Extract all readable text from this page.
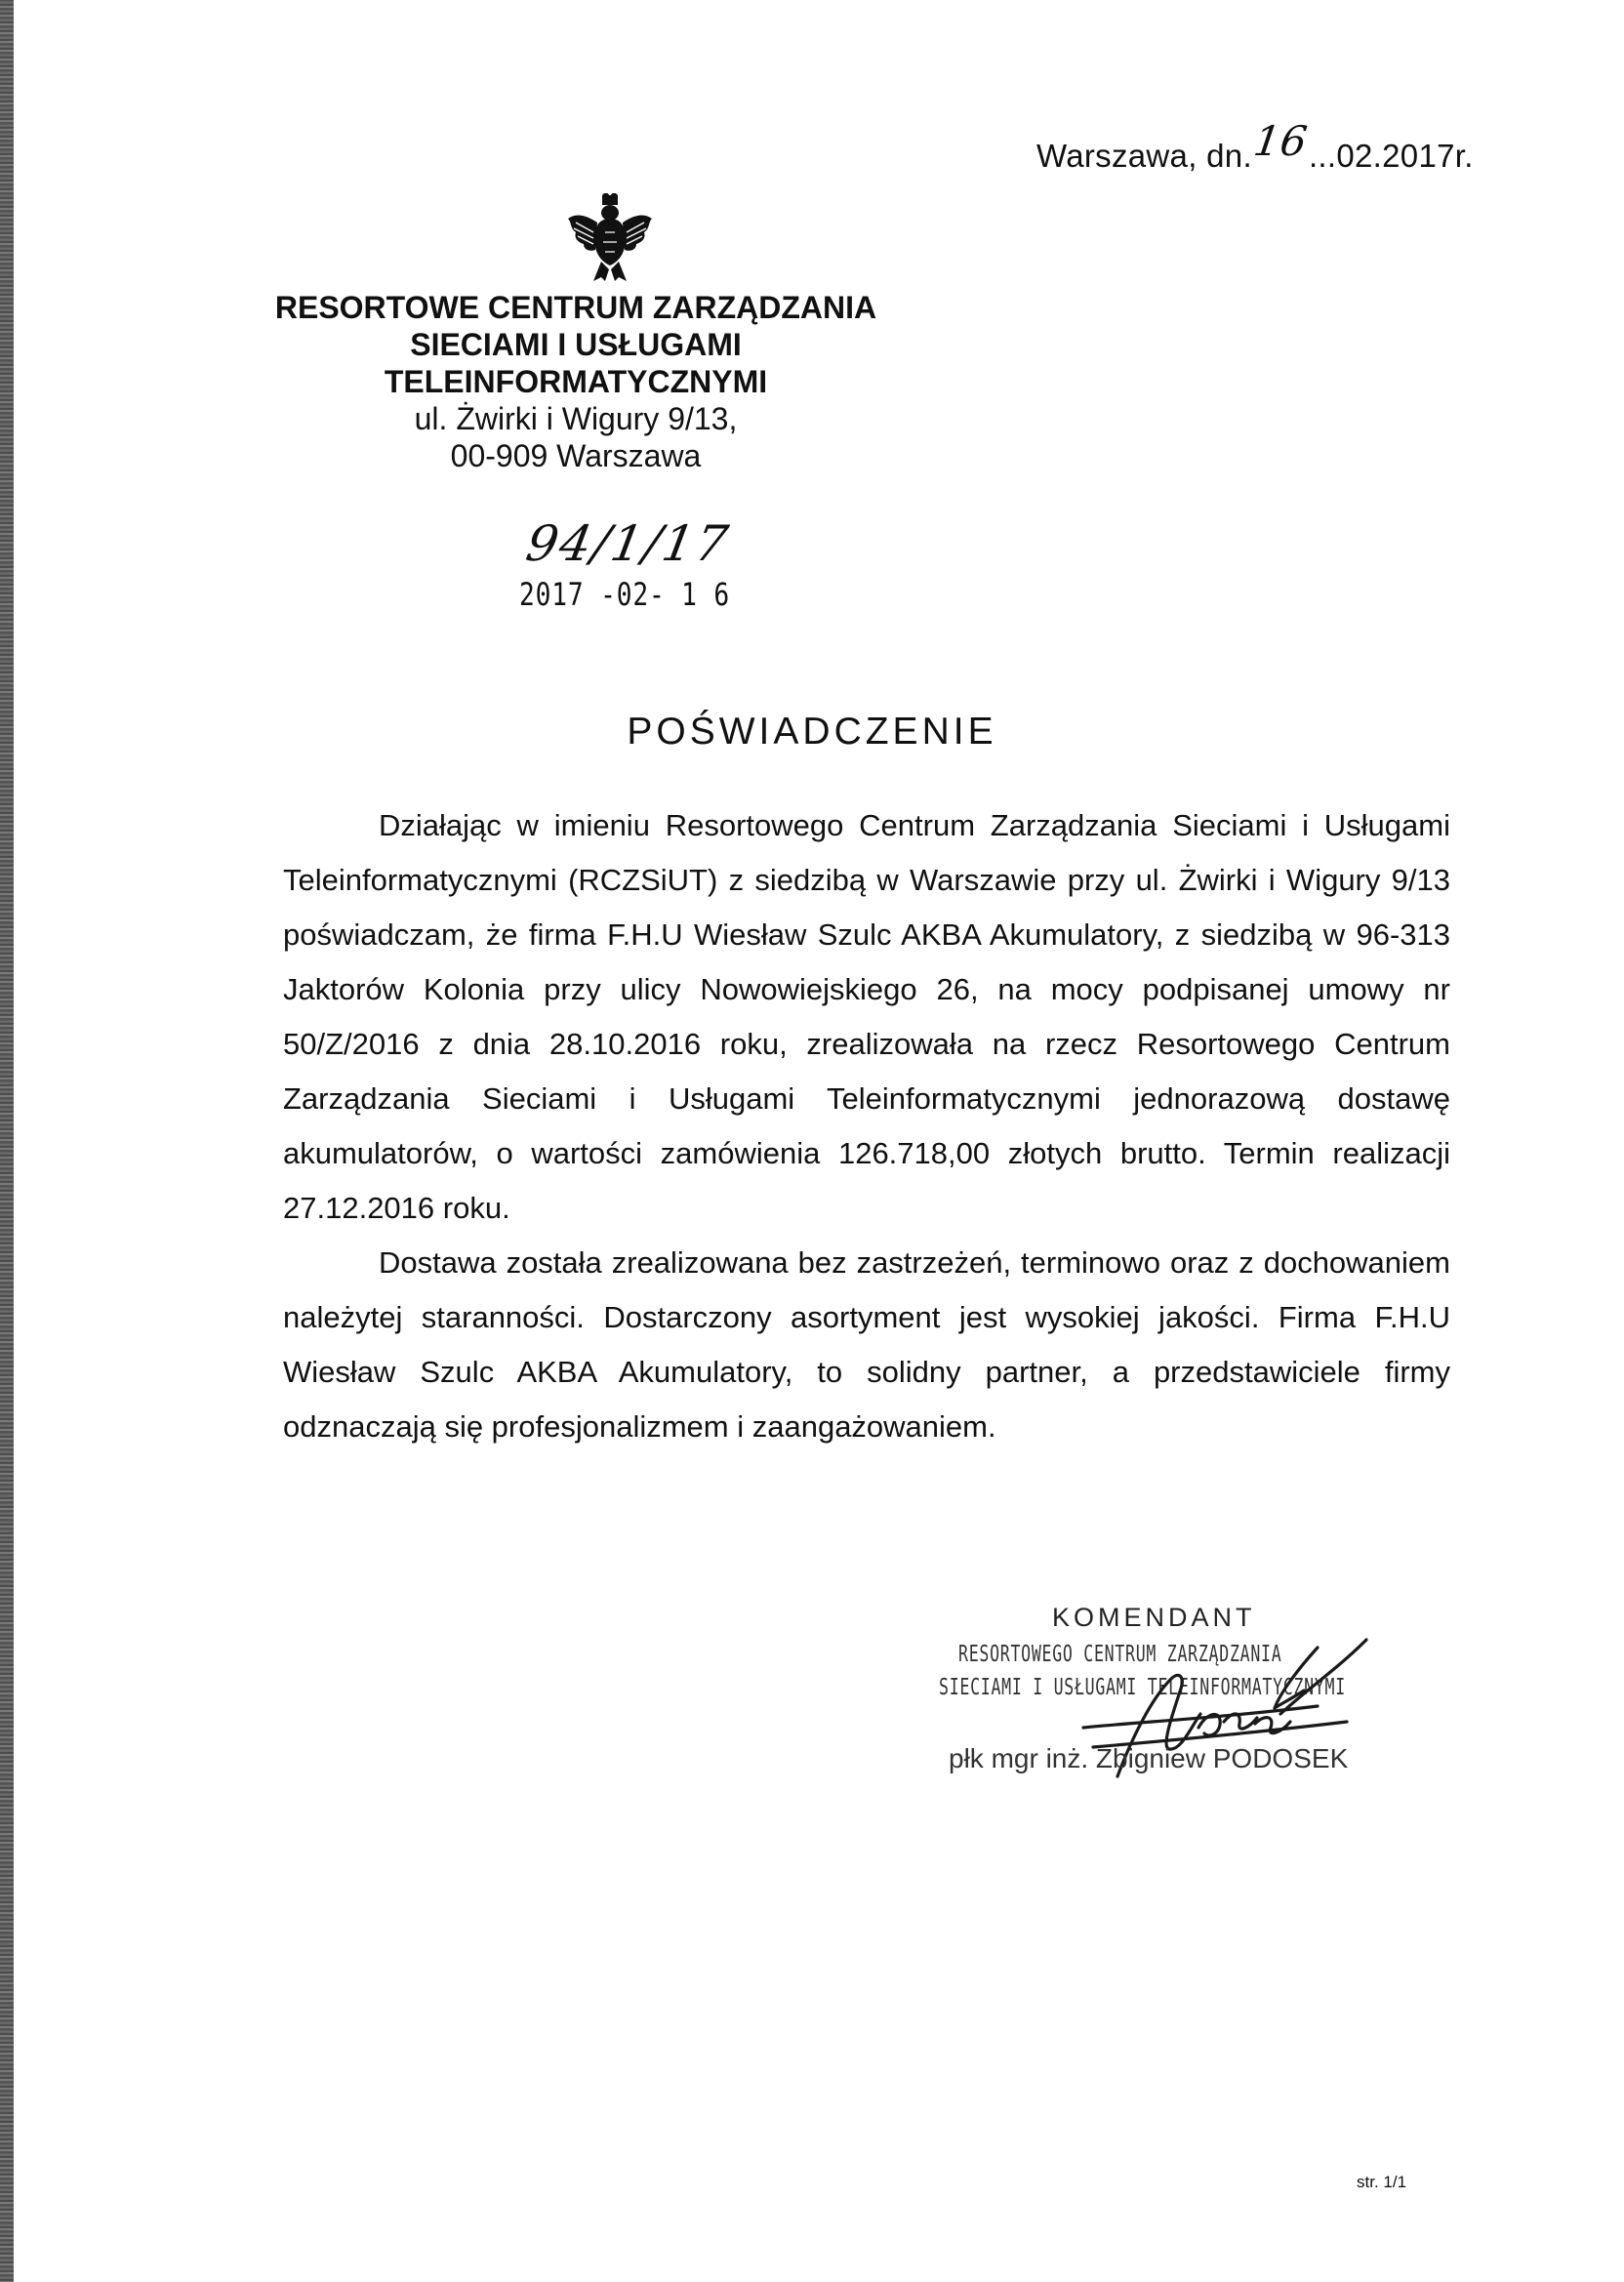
Warszawa, dn.16...02.2017r.
RESORTOWE CENTRUM ZARZĄDZANIA
SIECIAMI I USŁUGAMI
TELEINFORMATYCZNYMI
ul. Żwirki i Wigury 9/13,
00-909 Warszawa
94/1/17
2017 -02- 1 6
POŚWIADCZENIE

Działając w imieniu Resortowego Centrum Zarządzania Sieciami i Usługami Teleinformatycznymi (RCZSiUT) z siedzibą w Warszawie przy ul. Żwirki i Wigury 9/13 poświadczam, że firma F.H.U Wiesław Szulc AKBA Akumulatory, z siedzibą w 96-313 Jaktorów Kolonia przy ulicy Nowowiejskiego 26, na mocy podpisanej umowy nr 50/Z/2016 z dnia 28.10.2016 roku, zrealizowała na rzecz Resortowego Centrum Zarządzania Sieciami i Usługami Teleinformatycznymi jednorazową dostawę akumulatorów, o wartości zamówienia 126.718,00 złotych brutto. Termin realizacji 27.12.2016 roku.

Dostawa została zrealizowana bez zastrzeżeń, terminowo oraz z dochowaniem należytej staranności. Dostarczony asortyment jest wysokiej jakości. Firma F.H.U Wiesław Szulc AKBA Akumulatory, to solidny partner, a przedstawiciele firmy odznaczają się profesjonalizmem i zaangażowaniem.

KOMENDANT
RESORTOWEGO CENTRUM ZARZĄDZANIA
SIECIAMI I USŁUGAMI TELEINFORMATYCZNYMI
płk mgr inż. Zbigniew PODOSEK
str. 1/1
